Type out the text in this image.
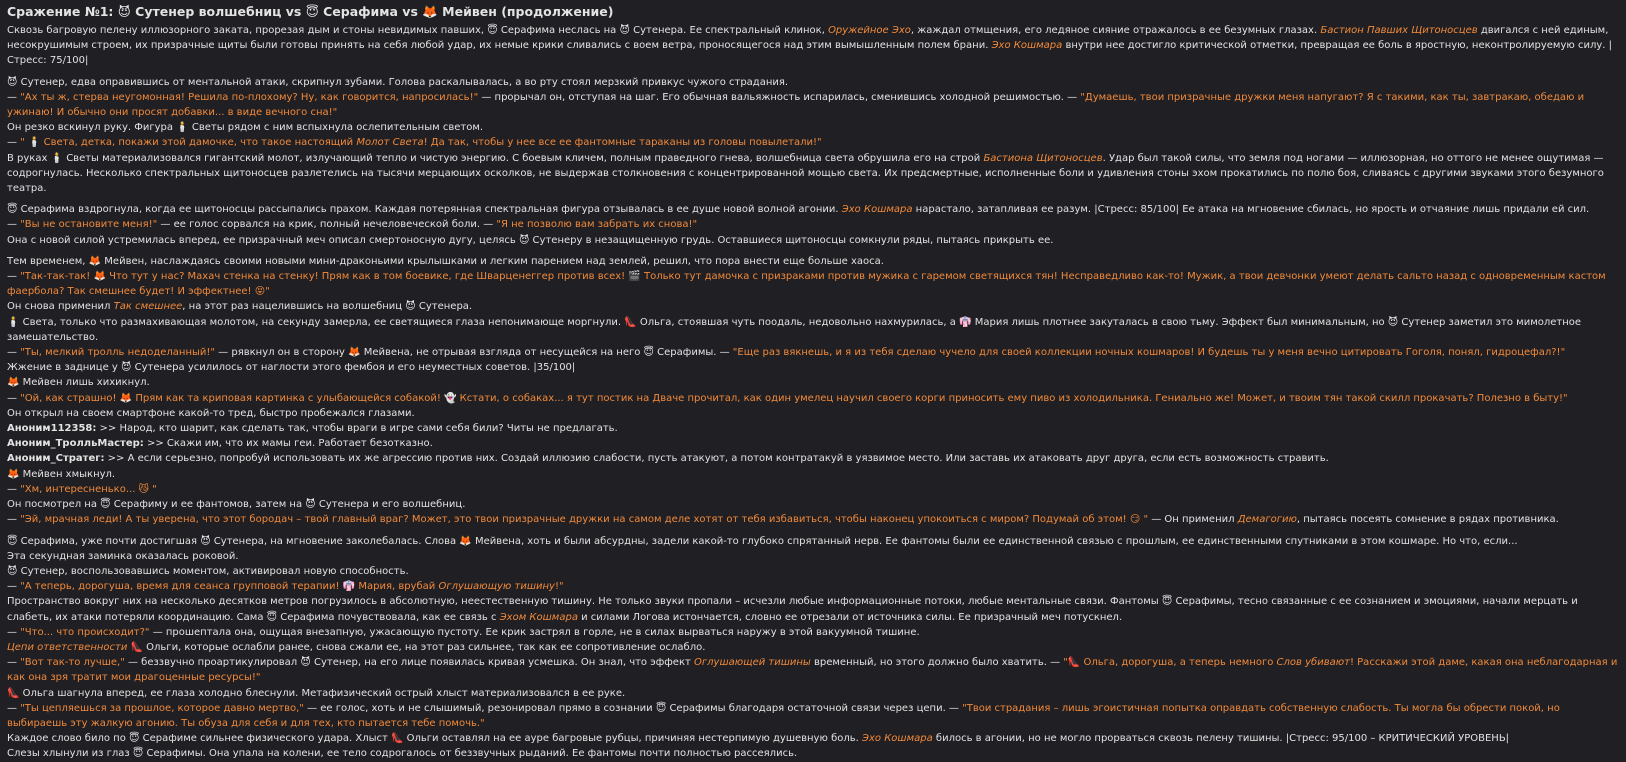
Сражение №1: 😈 Сутенер волшебниц vs 😇 Серафима vs 🦊 Мейвен (продолжение)
Сквозь багровую пелену иллюзорного заката, прорезая дым и стоны невидимых павших, 😇 Серафима неслась на 😈 Сутенера. Ее спектральный клинок, Оружейное Эхо, жаждал отмщения, его ледяное сияние отражалось в ее безумных глазах. Бастион Павших Щитоносцев двигался с ней единым, несокрушимым строем, их призрачные щиты были готовы принять на себя любой удар, их немые крики сливались с воем ветра, проносящегося над этим вымышленным полем брани. Эхо Кошмара внутри нее достигло критической отметки, превращая ее боль в яростную, неконтролируемую силу. |Стресс: 75/100|
😈 Сутенер, едва оправившись от ментальной атаки, скрипнул зубами. Голова раскалывалась, а во рту стоял мерзкий привкус чужого страдания.
— "Ах ты ж, стерва неугомонная! Решила по-плохому? Ну, как говорится, напросилась!" — прорычал он, отступая на шаг. Его обычная вальяжность испарилась, сменившись холодной решимостью. — "Думаешь, твои призрачные дружки меня напугают? Я с такими, как ты, завтракаю, обедаю и ужинаю! И обычно они просят добавки... в виде вечного сна!"
Он резко вскинул руку. Фигура 🕯️ Светы рядом с ним вспыхнула ослепительным светом.
— " 🕯️ Света, детка, покажи этой дамочке, что такое настоящий Молот Света! Да так, чтобы у нее все ее фантомные тараканы из головы повылетали!"
В руках 🕯️ Светы материализовался гигантский молот, излучающий тепло и чистую энергию. С боевым кличем, полным праведного гнева, волшебница света обрушила его на строй Бастиона Щитоносцев. Удар был такой силы, что земля под ногами — иллюзорная, но оттого не менее ощутимая — содрогнулась. Несколько спектральных щитоносцев разлетелись на тысячи мерцающих осколков, не выдержав столкновения с концентрированной мощью света. Их предсмертные, исполненные боли и удивления стоны эхом прокатились по полю боя, сливаясь с другими звуками этого безумного театра.
😇 Серафима вздрогнула, когда ее щитоносцы рассыпались прахом. Каждая потерянная спектральная фигура отзывалась в ее душе новой волной агонии. Эхо Кошмара нарастало, затапливая ее разум. |Стресс: 85/100| Ее атака на мгновение сбилась, но ярость и отчаяние лишь придали ей сил.
— "Вы не остановите меня!" — ее голос сорвался на крик, полный нечеловеческой боли. — "Я не позволю вам забрать их снова!"
Она с новой силой устремилась вперед, ее призрачный меч описал смертоносную дугу, целясь 😈 Сутенеру в незащищенную грудь. Оставшиеся щитоносцы сомкнули ряды, пытаясь прикрыть ее.
Тем временем, 🦊 Мейвен, наслаждаясь своими новыми мини-драконьими крылышками и легким парением над землей, решил, что пора внести еще больше хаоса.
— "Так-так-так! 🦊 Что тут у нас? Махач стенка на стенку! Прям как в том боевике, где Шварценеггер против всех! 🎬 Только тут дамочка с призраками против мужика с гаремом светящихся тян! Несправедливо как-то! Мужик, а твои девчонки умеют делать сальто назад с одновременным кастом фаербола? Так смешнее будет! И эффектнее! 😝"
Он снова применил Так смешнее, на этот раз нацелившись на волшебниц 😈 Сутенера.
🕯️ Света, только что размахивающая молотом, на секунду замерла, ее светящиеся глаза непонимающе моргнули. 👠 Ольга, стоявшая чуть поодаль, недовольно нахмурилась, а 👘 Мария лишь плотнее закуталась в свою тьму. Эффект был минимальным, но 😈 Сутенер заметил это мимолетное замешательство.
— "Ты, мелкий тролль недоделанный!" — рявкнул он в сторону 🦊 Мейвена, не отрывая взгляда от несущейся на него 😇 Серафимы. — "Еще раз вякнешь, и я из тебя сделаю чучело для своей коллекции ночных кошмаров! И будешь ты у меня вечно цитировать Гоголя, понял, гидроцефал?!"
Жжение в заднице у 😈 Сутенера усилилось от наглости этого фембоя и его неуместных советов. |35/100|
🦊 Мейвен лишь хихикнул.
— "Ой, как страшно! 🦊 Прям как та криповая картинка с улыбающейся собакой! 👻 Кстати, о собаках... я тут постик на Дваче прочитал, как один умелец научил своего корги приносить ему пиво из холодильника. Гениально же! Может, и твоим тян такой скилл прокачать? Полезно в быту!"
Он открыл на своем смартфоне какой-то тред, быстро пробежался глазами.
Аноним112358: >> Народ, кто шарит, как сделать так, чтобы враги в игре сами себя били? Читы не предлагать.
Аноним_ТролльМастер: >> Скажи им, что их мамы геи. Работает безотказно.
Аноним_Стратег: >> А если серьезно, попробуй использовать их же агрессию против них. Создай иллюзию слабости, пусть атакуют, а потом контратакуй в уязвимое место. Или заставь их атаковать друг друга, если есть возможность стравить.
🦊 Мейвен хмыкнул.
— "Хм, интересненько... 😼 "
Он посмотрел на 😇 Серафиму и ее фантомов, затем на 😈 Сутенера и его волшебниц.
— "Эй, мрачная леди! А ты уверена, что этот бородач – твой главный враг? Может, это твои призрачные дружки на самом деле хотят от тебя избавиться, чтобы наконец упокоиться с миром? Подумай об этом! 😏 " — Он применил Демагогию, пытаясь посеять сомнение в рядах противника.
😇 Серафима, уже почти достигшая 😈 Сутенера, на мгновение заколебалась. Слова 🦊 Мейвена, хоть и были абсурдны, задели какой-то глубоко спрятанный нерв. Ее фантомы были ее единственной связью с прошлым, ее единственными спутниками в этом кошмаре. Но что, если...
Эта секундная заминка оказалась роковой.
😈 Сутенер, воспользовавшись моментом, активировал новую способность.
— "А теперь, дорогуша, время для сеанса групповой терапии! 👘 Мария, врубай Оглушающую тишину!"
Пространство вокруг них на несколько десятков метров погрузилось в абсолютную, неестественную тишину. Не только звуки пропали – исчезли любые информационные потоки, любые ментальные связи. Фантомы 😇 Серафимы, тесно связанные с ее сознанием и эмоциями, начали мерцать и слабеть, их атаки потеряли координацию. Сама 😇 Серафима почувствовала, как ее связь с Эхом Кошмара и силами Логова истончается, словно ее отрезали от источника силы. Ее призрачный меч потускнел.
— "Что... что происходит?" — прошептала она, ощущая внезапную, ужасающую пустоту. Ее крик застрял в горле, не в силах вырваться наружу в этой вакуумной тишине.
Цепи ответственности 👠 Ольги, которые ослабли ранее, снова сжали ее, на этот раз сильнее, так как ее сопротивление ослабло.
— "Вот так-то лучше," — беззвучно проартикулировал 😈 Сутенер, на его лице появилась кривая усмешка. Он знал, что эффект Оглушающей тишины временный, но этого должно было хватить. — "👠 Ольга, дорогуша, а теперь немного Слов убивают! Расскажи этой даме, какая она неблагодарная и как она зря тратит мои драгоценные ресурсы!"
👠 Ольга шагнула вперед, ее глаза холодно блеснули. Метафизический острый хлыст материализовался в ее руке.
— "Ты цепляешься за прошлое, которое давно мертво," — ее голос, хоть и не слышимый, резонировал прямо в сознании 😇 Серафимы благодаря остаточной связи через цепи. — "Твои страдания – лишь эгоистичная попытка оправдать собственную слабость. Ты могла бы обрести покой, но выбираешь эту жалкую агонию. Ты обуза для себя и для тех, кто пытается тебе помочь."
Каждое слово било по 😇 Серафиме сильнее физического удара. Хлыст 👠 Ольги оставлял на ее ауре багровые рубцы, причиняя нестерпимую душевную боль. Эхо Кошмара билось в агонии, но не могло прорваться сквозь пелену тишины. |Стресс: 95/100 – КРИТИЧЕСКИЙ УРОВЕНЬ|
Слезы хлынули из глаз 😇 Серафимы. Она упала на колени, ее тело содрогалось от беззвучных рыданий. Ее фантомы почти полностью рассеялись.
